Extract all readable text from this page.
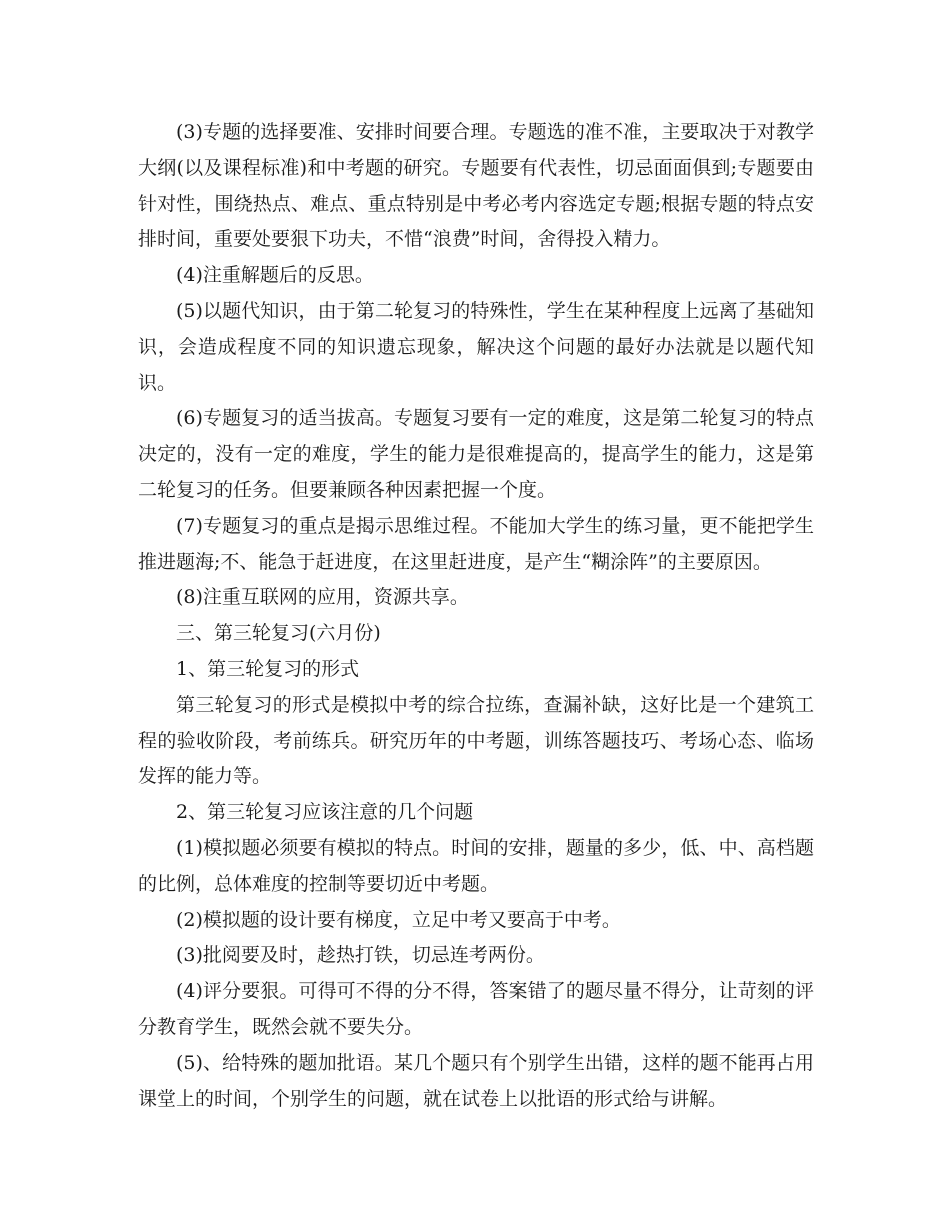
(3)专题的选择要准、安排时间要合理。专题选的准不准，主要取决于对教学大纲(以及课程标准)和中考题的研究。专题要有代表性，切忌面面俱到;专题要由针对性，围绕热点、难点、重点特别是中考必考内容选定专题;根据专题的特点安排时间，重要处要狠下功夫，不惜“浪费”时间，舍得投入精力。

(4)注重解题后的反思。

(5)以题代知识，由于第二轮复习的特殊性，学生在某种程度上远离了基础知识，会造成程度不同的知识遗忘现象，解决这个问题的最好办法就是以题代知识。

(6)专题复习的适当拔高。专题复习要有一定的难度，这是第二轮复习的特点决定的，没有一定的难度，学生的能力是很难提高的，提高学生的能力，这是第二轮复习的任务。但要兼顾各种因素把握一个度。

(7)专题复习的重点是揭示思维过程。不能加大学生的练习量，更不能把学生推进题海;不、能急于赶进度，在这里赶进度，是产生“糊涂阵”的主要原因。

(8)注重互联网的应用，资源共享。

三、第三轮复习(六月份)

1、第三轮复习的形式

第三轮复习的形式是模拟中考的综合拉练，查漏补缺，这好比是一个建筑工程的验收阶段，考前练兵。研究历年的中考题，训练答题技巧、考场心态、临场发挥的能力等。

2、第三轮复习应该注意的几个问题

(1)模拟题必须要有模拟的特点。时间的安排，题量的多少，低、中、高档题的比例，总体难度的控制等要切近中考题。

(2)模拟题的设计要有梯度，立足中考又要高于中考。

(3)批阅要及时，趁热打铁，切忌连考两份。

(4)评分要狠。可得可不得的分不得，答案错了的题尽量不得分，让苛刻的评分教育学生，既然会就不要失分。

(5)、给特殊的题加批语。某几个题只有个别学生出错，这样的题不能再占用课堂上的时间，个别学生的问题，就在试卷上以批语的形式给与讲解。
